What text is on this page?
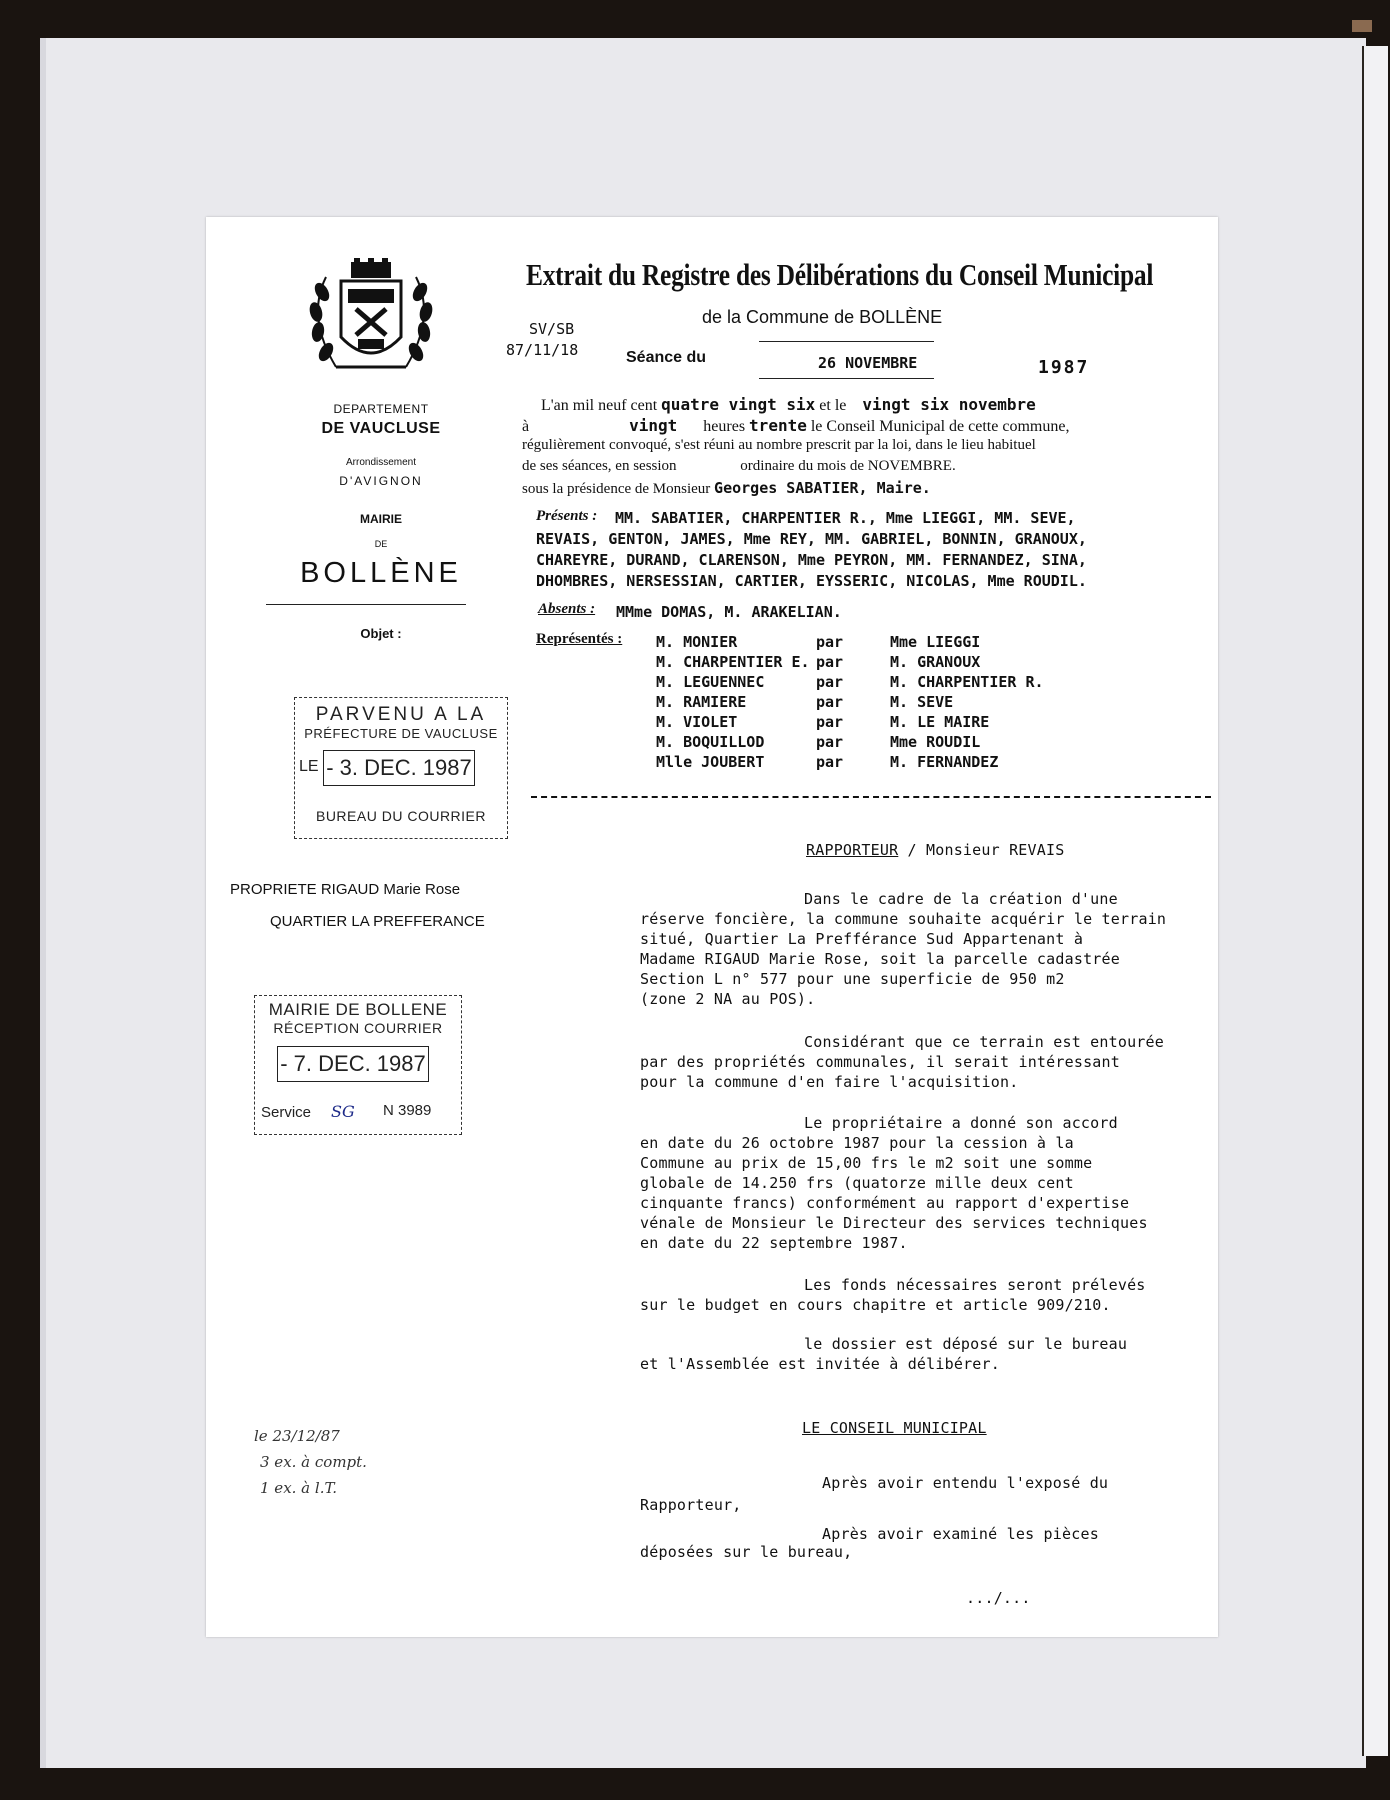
DEPARTEMENT
DE VAUCLUSE
Arrondissement
D'AVIGNON
MAIRIE
DE
BOLLÈNE
Objet :
PARVENU A LA
PRÉFECTURE DE VAUCLUSE
LE - 3. DEC. 1987
BUREAU DU COURRIER
PROPRIETE RIGAUD Marie Rose
QUARTIER LA PREFFERANCE
MAIRIE DE BOLLENE
RÉCEPTION COURRIER
- 7. DEC. 1987
Service SG N 3989
le 23/12/87
3 ex. à compt.
1 ex. à l.T.
Extrait du Registre des Délibérations du Conseil Municipal
de la Commune de BOLLÈNE
SV/SB
87/11/18	Séance du	26 NOVEMBRE	1987
L'an mil neuf cent quatre vingt six et le vingt six novembre
à	vingt heures trente le Conseil Municipal de cette commune,
régulièrement convoqué, s'est réuni au nombre prescrit par la loi, dans le lieu habituel
de ses séances, en session	ordinaire du mois de NOVEMBRE.
sous la présidence de Monsieur Georges SABATIER, Maire.
Présents : MM. SABATIER, CHARPENTIER R., Mme LIEGGI, MM. SEVE,
REVAIS, GENTON, JAMES, Mme REY, MM. GABRIEL, BONNIN, GRANOUX,
CHAREYRE, DURAND, CLARENSON, Mme PEYRON, MM. FERNANDEZ, SINA,
DHOMBRES, NERSESSIAN, CARTIER, EYSSERIC, NICOLAS, Mme ROUDIL.
Absents : MMme DOMAS, M. ARAKELIAN.
Représentés : M. MONIER	par	Mme LIEGGI
M. CHARPENTIER E. par	M. GRANOUX
M. LEGUENNEC	par	M. CHARPENTIER R.
M. RAMIERE	par	M. SEVE
M. VIOLET	par	M. LE MAIRE
M. BOQUILLOD	par	Mme ROUDIL
Mlle JOUBERT	par	M. FERNANDEZ
RAPPORTEUR / Monsieur REVAIS
Dans le cadre de la création d'une
réserve foncière, la commune souhaite acquérir le terrain
situé, Quartier La Prefférance Sud Appartenant à
Madame RIGAUD Marie Rose, soit la parcelle cadastrée
Section L n° 577 pour une superficie de 950 m2
(zone 2 NA au POS).
Considérant que ce terrain est entourée
par des propriétés communales, il serait intéressant
pour la commune d'en faire l'acquisition.
Le propriétaire a donné son accord
en date du 26 octobre 1987 pour la cession à la
Commune au prix de 15,00 frs le m2 soit une somme
globale de 14.250 frs (quatorze mille deux cent
cinquante francs) conformément au rapport d'expertise
vénale de Monsieur le Directeur des services techniques
en date du 22 septembre 1987.
Les fonds nécessaires seront prélevés
sur le budget en cours chapitre et article 909/210.
le dossier est déposé sur le bureau
et l'Assemblée est invitée à délibérer.
Après avoir entendu l'exposé du
Rapporteur,
Après avoir examiné les pièces
déposées sur le bureau,
LE CONSEIL MUNICIPAL
.../...
